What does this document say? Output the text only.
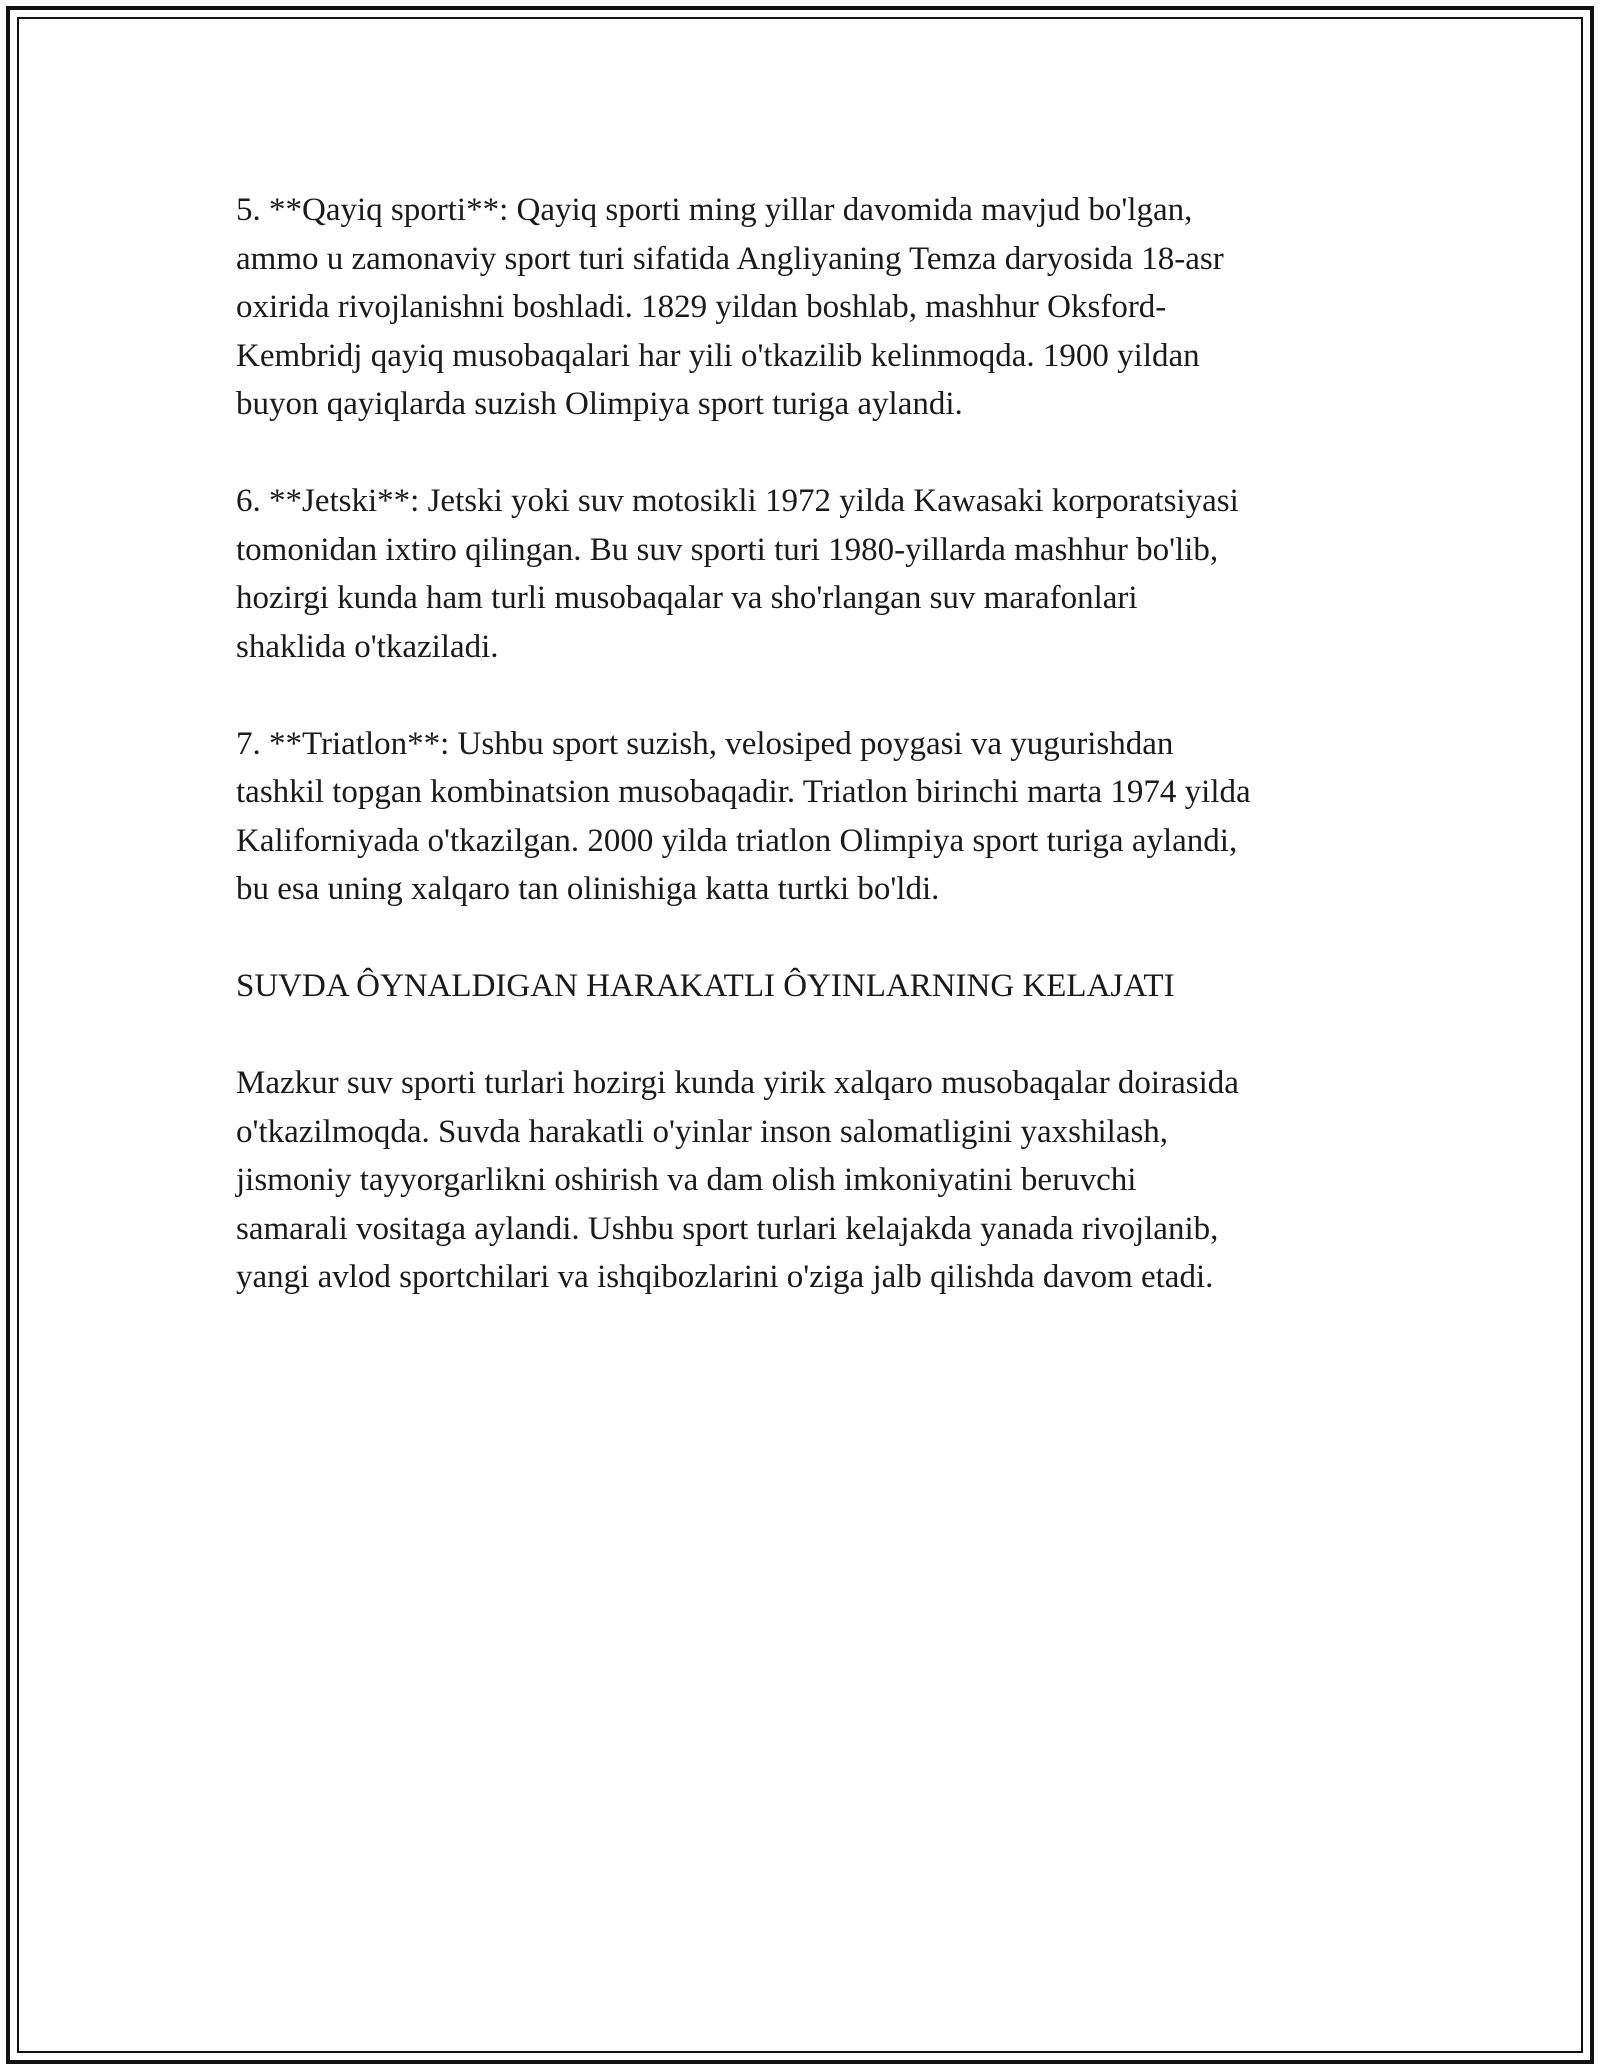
5. **Qayiq sporti**: Qayiq sporti ming yillar davomida mavjud bo'lgan,
ammo u zamonaviy sport turi sifatida Angliyaning Temza daryosida 18-asr
oxirida rivojlanishni boshladi. 1829 yildan boshlab, mashhur Oksford-
Kembridj qayiq musobaqalari har yili o'tkazilib kelinmoqda. 1900 yildan
buyon qayiqlarda suzish Olimpiya sport turiga aylandi.

6. **Jetski**: Jetski yoki suv motosikli 1972 yilda Kawasaki korporatsiyasi
tomonidan ixtiro qilingan. Bu suv sporti turi 1980-yillarda mashhur bo'lib,
hozirgi kunda ham turli musobaqalar va sho'rlangan suv marafonlari
shaklida o'tkaziladi.

7. **Triatlon**: Ushbu sport suzish, velosiped poygasi va yugurishdan
tashkil topgan kombinatsion musobaqadir. Triatlon birinchi marta 1974 yilda
Kaliforniyada o'tkazilgan. 2000 yilda triatlon Olimpiya sport turiga aylandi,
bu esa uning xalqaro tan olinishiga katta turtki bo'ldi.

SUVDA ÔYNALDIGAN HARAKATLI ÔYINLARNING KELAJATI

Mazkur suv sporti turlari hozirgi kunda yirik xalqaro musobaqalar doirasida
o'tkazilmoqda. Suvda harakatli o'yinlar inson salomatligini yaxshilash,
jismoniy tayyorgarlikni oshirish va dam olish imkoniyatini beruvchi
samarali vositaga aylandi. Ushbu sport turlari kelajakda yanada rivojlanib,
yangi avlod sportchilari va ishqibozlarini o'ziga jalb qilishda davom etadi.
